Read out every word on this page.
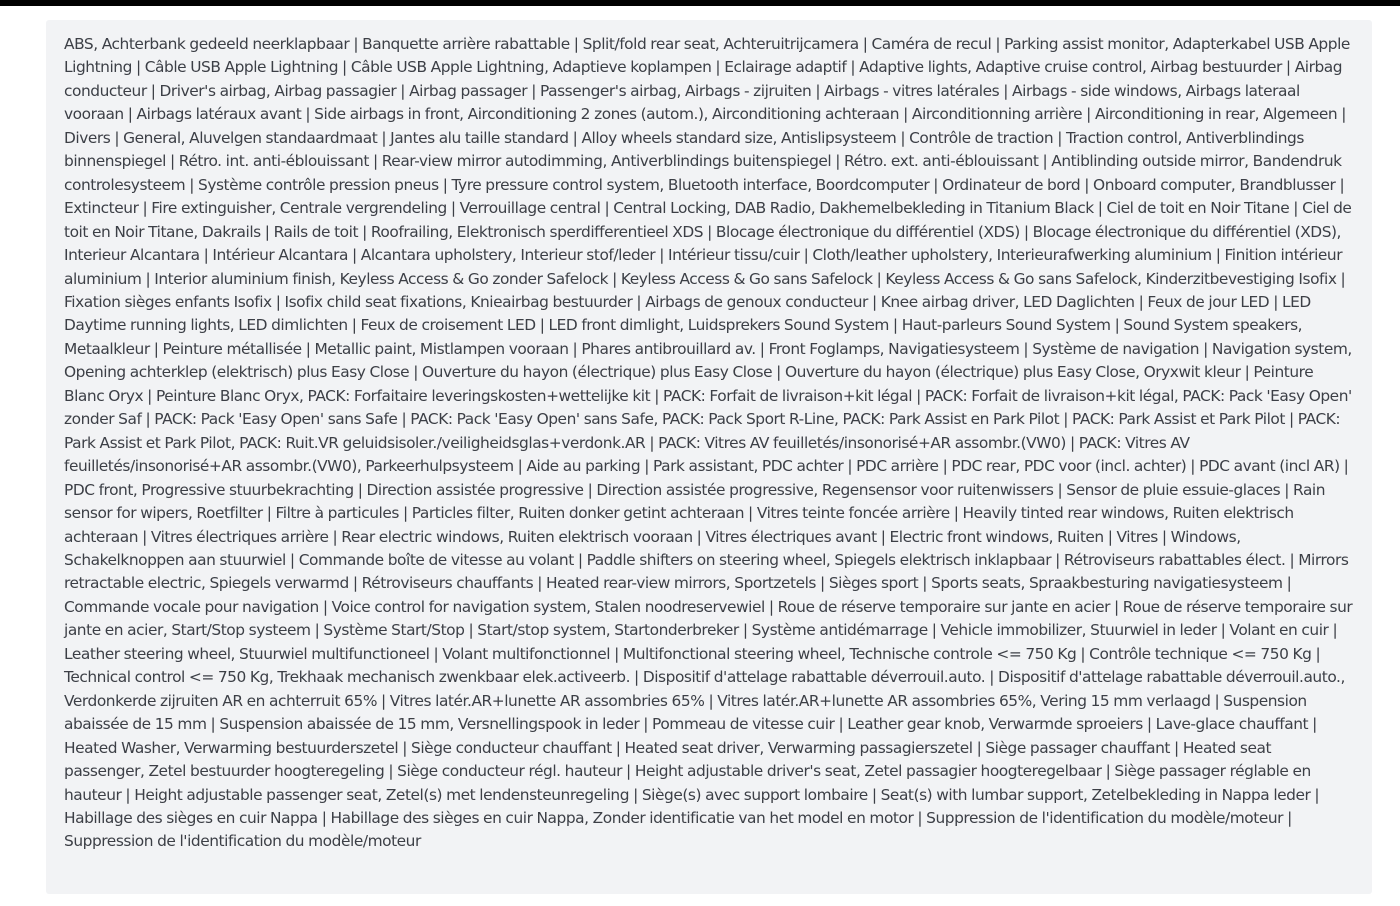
ABS, Achterbank gedeeld neerklapbaar | Banquette arrière rabattable | Split/fold rear seat, Achteruitrijcamera | Caméra de recul | Parking assist monitor, Adapterkabel USB Apple Lightning | Câble USB Apple Lightning | Câble USB Apple Lightning, Adaptieve koplampen | Eclairage adaptif | Adaptive lights, Adaptive cruise control, Airbag bestuurder | Airbag conducteur | Driver's airbag, Airbag passagier | Airbag passager | Passenger's airbag, Airbags - zijruiten | Airbags - vitres latérales | Airbags - side windows, Airbags lateraal vooraan | Airbags latéraux avant | Side airbags in front, Airconditioning 2 zones (autom.), Airconditioning achteraan | Airconditionning arrière | Airconditioning in rear, Algemeen | Divers | General, Aluvelgen standaardmaat | Jantes alu taille standard | Alloy wheels standard size, Antislipsysteem | Contrôle de traction | Traction control, Antiverblindings binnenspiegel | Rétro. int. anti-éblouissant | Rear-view mirror autodimming, Antiverblindings buitenspiegel | Rétro. ext. anti-éblouissant | Antiblinding outside mirror, Bandendruk controlesysteem | Système contrôle pression pneus | Tyre pressure control system, Bluetooth interface, Boordcomputer | Ordinateur de bord | Onboard computer, Brandblusser | Extincteur | Fire extinguisher, Centrale vergrendeling | Verrouillage central | Central Locking, DAB Radio, Dakhemelbekleding in Titanium Black | Ciel de toit en Noir Titane | Ciel de toit en Noir Titane, Dakrails | Rails de toit | Roofrailing, Elektronisch sperdifferentieel XDS | Blocage électronique du différentiel (XDS) | Blocage électronique du différentiel (XDS), Interieur Alcantara | Intérieur Alcantara | Alcantara upholstery, Interieur stof/leder | Intérieur tissu/cuir | Cloth/leather upholstery, Interieurafwerking aluminium | Finition intérieur aluminium | Interior aluminium finish, Keyless Access & Go zonder Safelock | Keyless Access & Go sans Safelock | Keyless Access & Go sans Safelock, Kinderzitbevestiging Isofix | Fixation sièges enfants Isofix | Isofix child seat fixations, Knieairbag bestuurder | Airbags de genoux conducteur | Knee airbag driver, LED Daglichten | Feux de jour LED | LED Daytime running lights, LED dimlichten | Feux de croisement LED | LED front dimlight, Luidsprekers Sound System | Haut-parleurs Sound System | Sound System speakers, Metaalkleur | Peinture métallisée | Metallic paint, Mistlampen vooraan | Phares antibrouillard av. | Front Foglamps, Navigatiesysteem | Système de navigation | Navigation system, Opening achterklep (elektrisch) plus Easy Close | Ouverture du hayon (électrique) plus Easy Close | Ouverture du hayon (électrique) plus Easy Close, Oryxwit kleur | Peinture Blanc Oryx | Peinture Blanc Oryx, PACK: Forfaitaire leveringskosten+wettelijke kit | PACK: Forfait de livraison+kit légal | PACK: Forfait de livraison+kit légal, PACK: Pack 'Easy Open' zonder Saf | PACK: Pack 'Easy Open' sans Safe | PACK: Pack 'Easy Open' sans Safe, PACK: Pack Sport R-Line, PACK: Park Assist en Park Pilot | PACK: Park Assist et Park Pilot | PACK: Park Assist et Park Pilot, PACK: Ruit.VR geluidsisoler./veiligheidsglas+verdonk.AR | PACK: Vitres AV feuilletés/insonorisé+AR assombr.(VW0) | PACK: Vitres AV feuilletés/insonorisé+AR assombr.(VW0), Parkeerhulpsysteem | Aide au parking | Park assistant, PDC achter | PDC arrière | PDC rear, PDC voor (incl. achter) | PDC avant (incl AR) | PDC front, Progressive stuurbekrachting | Direction assistée progressive | Direction assistée progressive, Regensensor voor ruitenwissers | Sensor de pluie essuie-glaces | Rain sensor for wipers, Roetfilter | Filtre à particules | Particles filter, Ruiten donker getint achteraan | Vitres teinte foncée arrière | Heavily tinted rear windows, Ruiten elektrisch achteraan | Vitres électriques arrière | Rear electric windows, Ruiten elektrisch vooraan | Vitres électriques avant | Electric front windows, Ruiten | Vitres | Windows, Schakelknoppen aan stuurwiel | Commande boîte de vitesse au volant | Paddle shifters on steering wheel, Spiegels elektrisch inklapbaar | Rétroviseurs rabattables élect. | Mirrors retractable electric, Spiegels verwarmd | Rétroviseurs chauffants | Heated rear-view mirrors, Sportzetels | Sièges sport | Sports seats, Spraakbesturing navigatiesysteem | Commande vocale pour navigation | Voice control for navigation system, Stalen noodreservewiel | Roue de réserve temporaire sur jante en acier | Roue de réserve temporaire sur jante en acier, Start/Stop systeem | Système Start/Stop | Start/stop system, Startonderbreker | Système antidémarrage | Vehicle immobilizer, Stuurwiel in leder | Volant en cuir | Leather steering wheel, Stuurwiel multifunctioneel | Volant multifonctionnel | Multifonctional steering wheel, Technische controle <= 750 Kg | Contrôle technique <= 750 Kg | Technical control <= 750 Kg, Trekhaak mechanisch zwenkbaar elek.activeerb. | Dispositif d'attelage rabattable déverrouil.auto. | Dispositif d'attelage rabattable déverrouil.auto., Verdonkerde zijruiten AR en achterruit 65% | Vitres latér.AR+lunette AR assombries 65% | Vitres latér.AR+lunette AR assombries 65%, Vering 15 mm verlaagd | Suspension abaissée de 15 mm | Suspension abaissée de 15 mm, Versnellingspook in leder | Pommeau de vitesse cuir | Leather gear knob, Verwarmde sproeiers | Lave-glace chauffant | Heated Washer, Verwarming bestuurderszetel | Siège conducteur chauffant | Heated seat driver, Verwarming passagierszetel | Siège passager chauffant | Heated seat passenger, Zetel bestuurder hoogteregeling | Siège conducteur régl. hauteur | Height adjustable driver's seat, Zetel passagier hoogteregelbaar | Siège passager réglable en hauteur | Height adjustable passenger seat, Zetel(s) met lendensteunregeling | Siège(s) avec support lombaire | Seat(s) with lumbar support, Zetelbekleding in Nappa leder | Habillage des sièges en cuir Nappa | Habillage des sièges en cuir Nappa, Zonder identificatie van het model en motor | Suppression de l'identification du modèle/moteur | Suppression de l'identification du modèle/moteur
